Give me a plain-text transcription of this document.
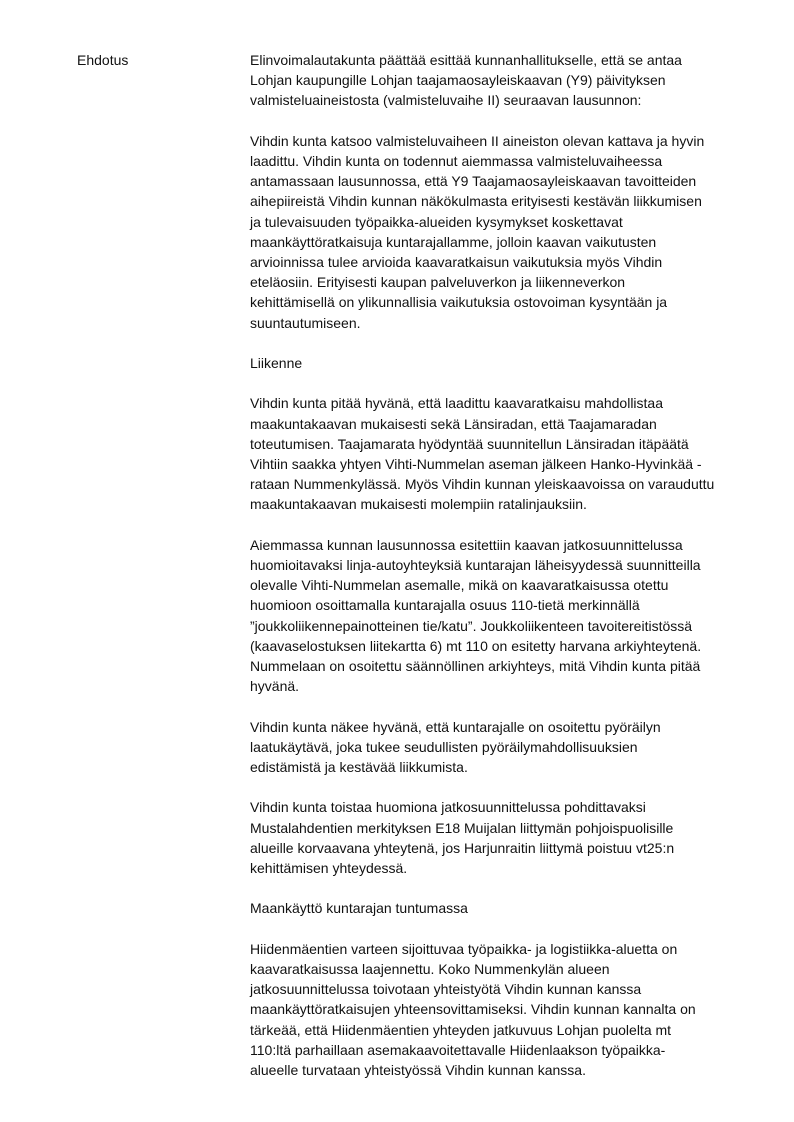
Ehdotus	Elinvoimalautakunta päättää esittää kunnanhallitukselle, että se antaa
Lohjan kaupungille Lohjan taajamaosayleiskaavan (Y9) päivityksen
valmisteluaineistosta (valmisteluvaihe II) seuraavan lausunnon:
Vihdin kunta katsoo valmisteluvaiheen II aineiston olevan kattava ja hyvin
laadittu. Vihdin kunta on todennut aiemmassa valmisteluvaiheessa
antamassaan lausunnossa, että Y9 Taajamaosayleiskaavan tavoitteiden
aihepiireistä Vihdin kunnan näkökulmasta erityisesti kestävän liikkumisen
ja tulevaisuuden työpaikka-alueiden kysymykset koskettavat
maankäyttöratkaisuja kuntarajallamme, jolloin kaavan vaikutusten
arvioinnissa tulee arvioida kaavaratkaisun vaikutuksia myös Vihdin
eteläosiin. Erityisesti kaupan palveluverkon ja liikenneverkon
kehittämisellä on ylikunnallisia vaikutuksia ostovoiman kysyntään ja
suuntautumiseen.
Liikenne
Vihdin kunta pitää hyvänä, että laadittu kaavaratkaisu mahdollistaa
maakuntakaavan mukaisesti sekä Länsiradan, että Taajamaradan
toteutumisen. Taajamarata hyödyntää suunnitellun Länsiradan itäpäätä
Vihtiin saakka yhtyen Vihti-Nummelan aseman jälkeen Hanko-Hyvinkää -
rataan Nummenkylässä. Myös Vihdin kunnan yleiskaavoissa on varauduttu
maakuntakaavan mukaisesti molempiin ratalinjauksiin.
Aiemmassa kunnan lausunnossa esitettiin kaavan jatkosuunnittelussa
huomioitavaksi linja-autoyhteyksiä kuntarajan läheisyydessä suunnitteilla
olevalle Vihti-Nummelan asemalle, mikä on kaavaratkaisussa otettu
huomioon osoittamalla kuntarajalla osuus 110-tietä merkinnällä
”joukkoliikennepainotteinen tie/katu”. Joukkoliikenteen tavoitereitistössä
(kaavaselostuksen liitekartta 6) mt 110 on esitetty harvana arkiyhteytenä.
Nummelaan on osoitettu säännöllinen arkiyhteys, mitä Vihdin kunta pitää
hyvänä.
Vihdin kunta näkee hyvänä, että kuntarajalle on osoitettu pyöräilyn
laatukäytävä, joka tukee seudullisten pyöräilymahdollisuuksien
edistämistä ja kestävää liikkumista.
Vihdin kunta toistaa huomiona jatkosuunnittelussa pohdittavaksi
Mustalahdentien merkityksen E18 Muijalan liittymän pohjoispuolisille
alueille korvaavana yhteytenä, jos Harjunraitin liittymä poistuu vt25:n
kehittämisen yhteydessä.
Maankäyttö kuntarajan tuntumassa
Hiidenmäentien varteen sijoittuvaa työpaikka- ja logistiikka-aluetta on
kaavaratkaisussa laajennettu. Koko Nummenkylän alueen
jatkosuunnittelussa toivotaan yhteistyötä Vihdin kunnan kanssa
maankäyttöratkaisujen yhteensovittamiseksi. Vihdin kunnan kannalta on
tärkeää, että Hiidenmäentien yhteyden jatkuvuus Lohjan puolelta mt
110:ltä parhaillaan asemakaavoitettavalle Hiidenlaakson työpaikka-
alueelle turvataan yhteistyössä Vihdin kunnan kanssa.
